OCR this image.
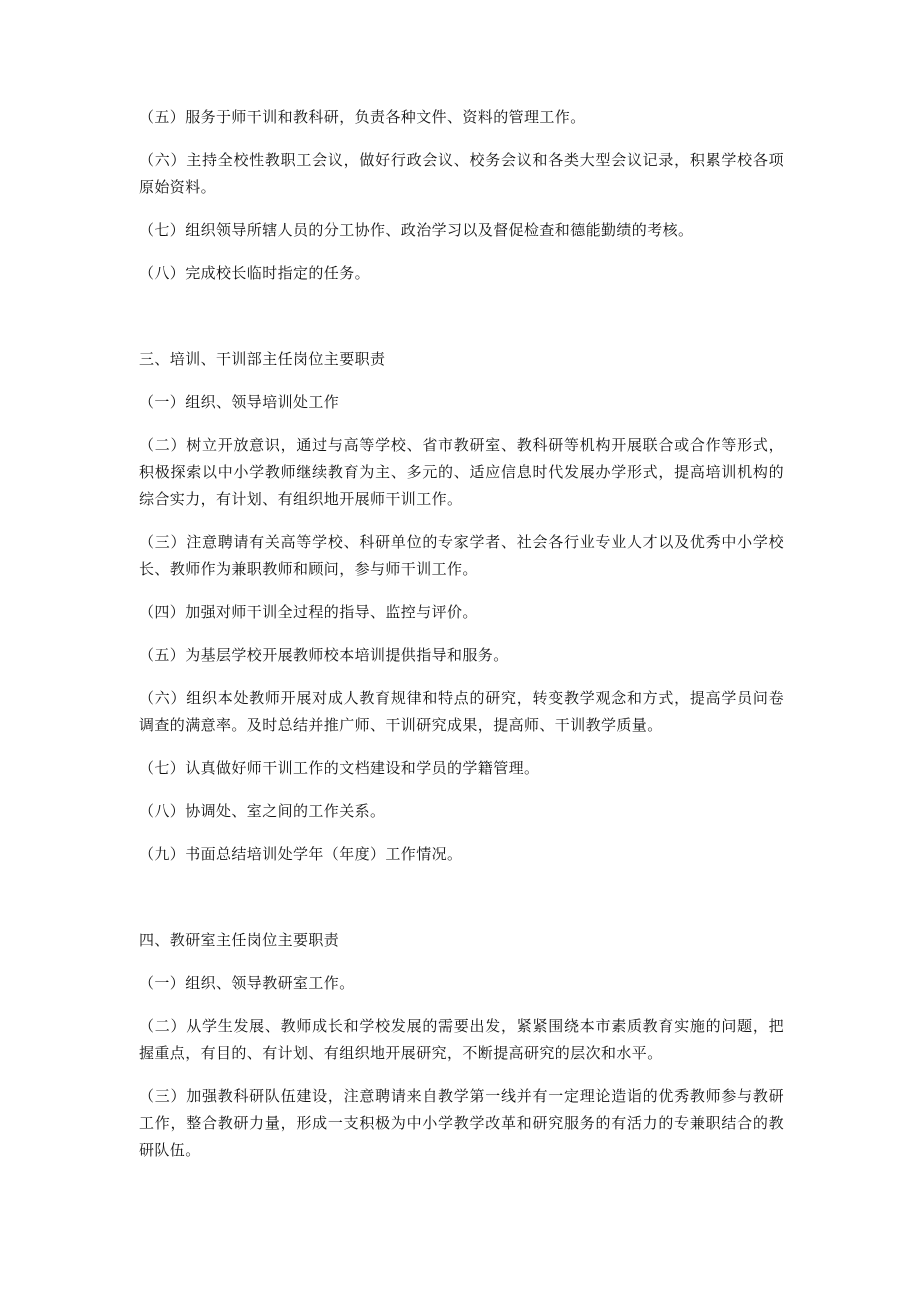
（五）服务于师干训和教科研，负责各种文件、资料的管理工作。

（六）主持全校性教职工会议，做好行政会议、校务会议和各类大型会议记录，积累学校各项原始资料。

（七）组织领导所辖人员的分工协作、政治学习以及督促检查和德能勤绩的考核。

（八）完成校长临时指定的任务。

三、培训、干训部主任岗位主要职责

（一）组织、领导培训处工作

（二）树立开放意识，通过与高等学校、省市教研室、教科研等机构开展联合或合作等形式，积极探索以中小学教师继续教育为主、多元的、适应信息时代发展办学形式，提高培训机构的综合实力，有计划、有组织地开展师干训工作。

（三）注意聘请有关高等学校、科研单位的专家学者、社会各行业专业人才以及优秀中小学校长、教师作为兼职教师和顾问，参与师干训工作。

（四）加强对师干训全过程的指导、监控与评价。

（五）为基层学校开展教师校本培训提供指导和服务。

（六）组织本处教师开展对成人教育规律和特点的研究，转变教学观念和方式，提高学员问卷调查的满意率。及时总结并推广师、干训研究成果，提高师、干训教学质量。

（七）认真做好师干训工作的文档建设和学员的学籍管理。

（八）协调处、室之间的工作关系。

（九）书面总结培训处学年（年度）工作情况。

四、教研室主任岗位主要职责

（一）组织、领导教研室工作。

（二）从学生发展、教师成长和学校发展的需要出发，紧紧围绕本市素质教育实施的问题，把握重点，有目的、有计划、有组织地开展研究，不断提高研究的层次和水平。

（三）加强教科研队伍建设，注意聘请来自教学第一线并有一定理论造诣的优秀教师参与教研工作，整合教研力量，形成一支积极为中小学教学改革和研究服务的有活力的专兼职结合的教研队伍。
